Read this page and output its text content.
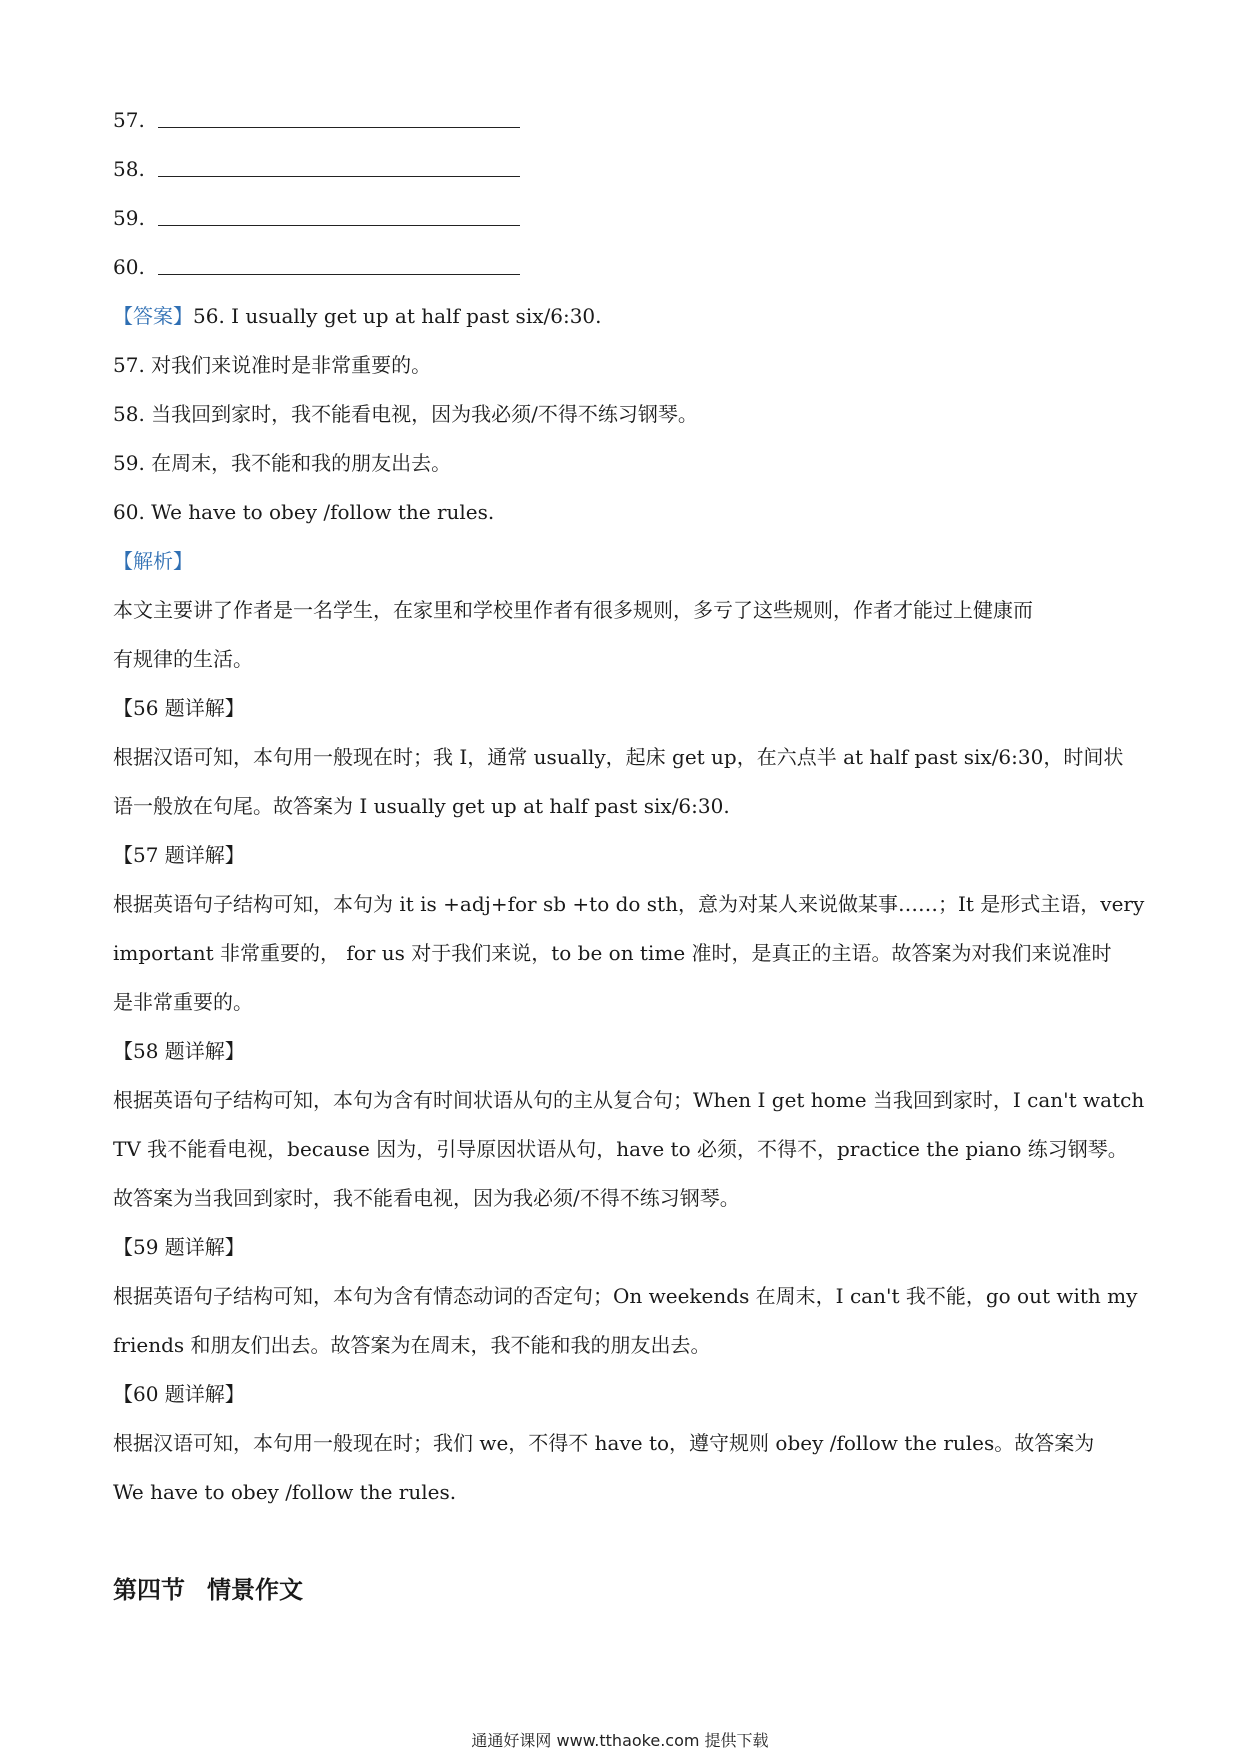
57.
58.
59.
60.
【答案】56. I usually get up at half past six/6:30.
57. 对我们来说准时是非常重要的。
58. 当我回到家时，我不能看电视，因为我必须/不得不练习钢琴。
59. 在周末，我不能和我的朋友出去。
60. We have to obey /follow the rules.
【解析】
本文主要讲了作者是一名学生，在家里和学校里作者有很多规则，多亏了这些规则，作者才能过上健康而
有规律的生活。
【56 题详解】
根据汉语可知，本句用一般现在时；我 I，通常 usually，起床 get up，在六点半 at half past six/6:30，时间状
语一般放在句尾。故答案为 I usually get up at half past six/6:30.
【57 题详解】
根据英语句子结构可知，本句为 it is +adj+for sb +to do sth，意为对某人来说做某事……；It 是形式主语，very
important 非常重要的， for us 对于我们来说，to be on time 准时，是真正的主语。故答案为对我们来说准时
是非常重要的。
【58 题详解】
根据英语句子结构可知，本句为含有时间状语从句的主从复合句；When I get home 当我回到家时，I can't watch
TV 我不能看电视，because 因为，引导原因状语从句，have to 必须，不得不，practice the piano 练习钢琴。
故答案为当我回到家时，我不能看电视，因为我必须/不得不练习钢琴。
【59 题详解】
根据英语句子结构可知，本句为含有情态动词的否定句；On weekends 在周末，I can't 我不能，go out with my
friends 和朋友们出去。故答案为在周末，我不能和我的朋友出去。
【60 题详解】
根据汉语可知，本句用一般现在时；我们 we，不得不 have to，遵守规则 obey /follow the rules。故答案为
We have to obey /follow the rules.
第四节 情景作文
通通好课网 www.tthaoke.com 提供下载
